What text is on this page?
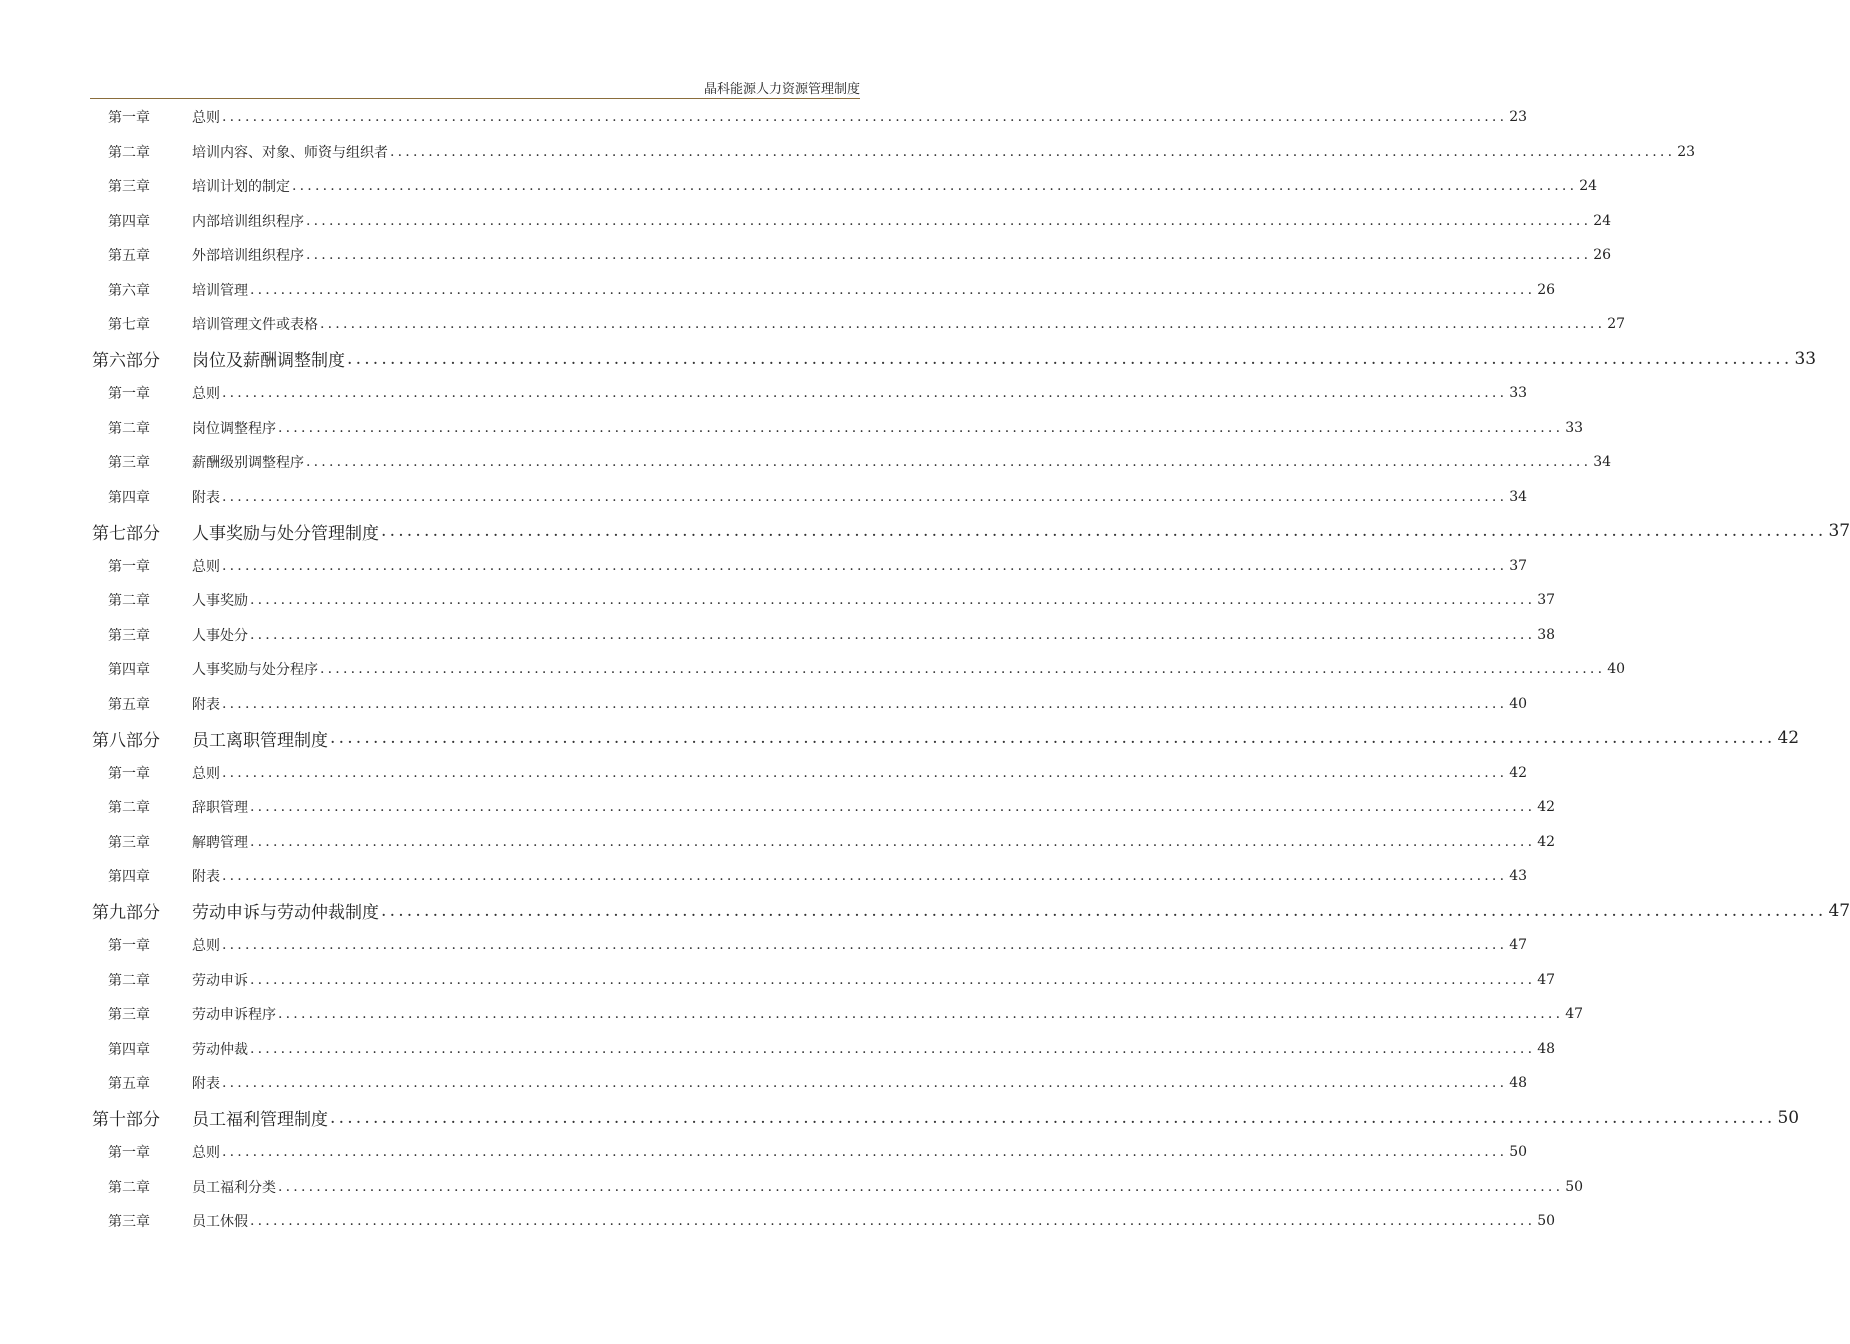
晶科能源人力资源管理制度
第一章	总则 ........................................................................................................................................................................ 23
第二章	培训内容、对象、师资与组织者 ........................................................................................................................................................................ 23
第三章	培训计划的制定 ........................................................................................................................................................................ 24
第四章	内部培训组织程序 ........................................................................................................................................................................ 24
第五章	外部培训组织程序 ........................................................................................................................................................................ 26
第六章	培训管理 ........................................................................................................................................................................ 26
第七章	培训管理文件或表格 ........................................................................................................................................................................ 27
第六部分	岗位及薪酬调整制度 ........................................................................................................................................................................ 33
第一章	总则 ........................................................................................................................................................................ 33
第二章	岗位调整程序 ........................................................................................................................................................................ 33
第三章	薪酬级别调整程序 ........................................................................................................................................................................ 34
第四章	附表 ........................................................................................................................................................................ 34
第七部分	人事奖励与处分管理制度 ........................................................................................................................................................................ 37
第一章	总则 ........................................................................................................................................................................ 37
第二章	人事奖励 ........................................................................................................................................................................ 37
第三章	人事处分 ........................................................................................................................................................................ 38
第四章	人事奖励与处分程序 ........................................................................................................................................................................ 40
第五章	附表 ........................................................................................................................................................................ 40
第八部分	员工离职管理制度 ........................................................................................................................................................................ 42
第一章	总则 ........................................................................................................................................................................ 42
第二章	辞职管理 ........................................................................................................................................................................ 42
第三章	解聘管理 ........................................................................................................................................................................ 42
第四章	附表 ........................................................................................................................................................................ 43
第九部分	劳动申诉与劳动仲裁制度 ........................................................................................................................................................................ 47
第一章	总则 ........................................................................................................................................................................ 47
第二章	劳动申诉 ........................................................................................................................................................................ 47
第三章	劳动申诉程序 ........................................................................................................................................................................ 47
第四章	劳动仲裁 ........................................................................................................................................................................ 48
第五章	附表 ........................................................................................................................................................................ 48
第十部分	员工福利管理制度 ........................................................................................................................................................................ 50
第一章	总则 ........................................................................................................................................................................ 50
第二章	员工福利分类 ........................................................................................................................................................................ 50
第三章	员工休假 ........................................................................................................................................................................ 50
